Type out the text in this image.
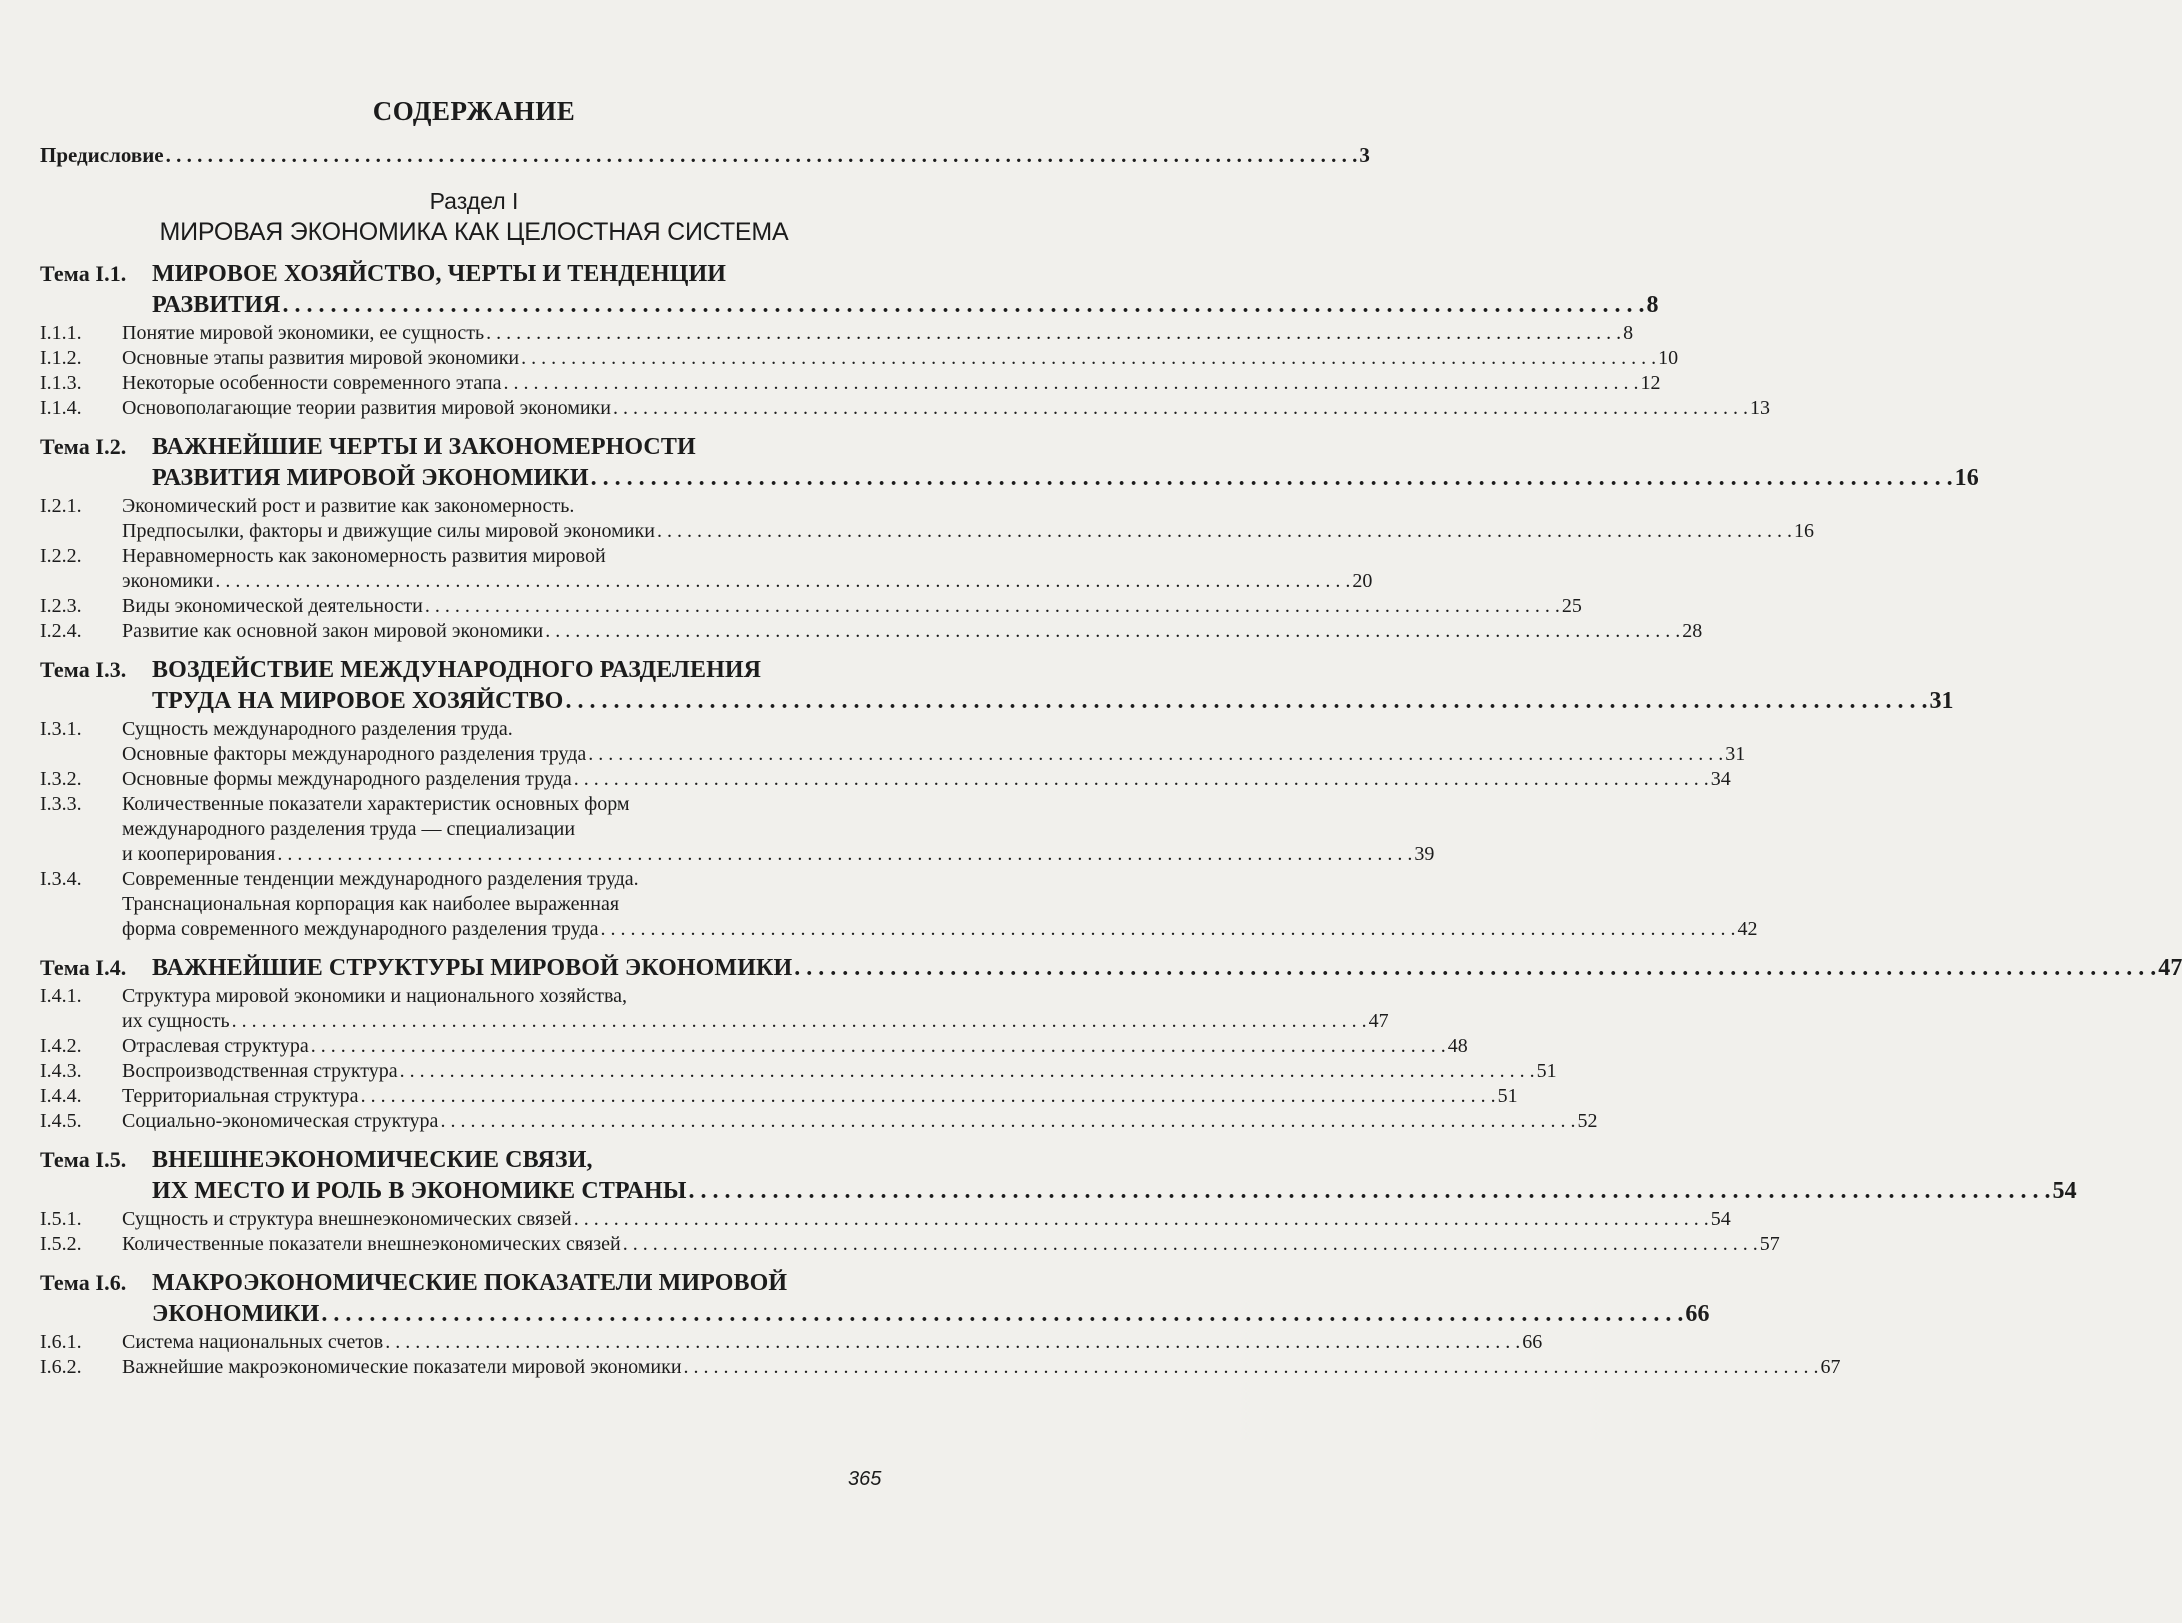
СОДЕРЖАНИЕ
Предисловие . . .	3
Раздел I
МИРОВАЯ ЭКОНОМИКА КАК ЦЕЛОСТНАЯ СИСТЕМА
Тема I.1.	МИРОВОЕ ХОЗЯЙСТВО, ЧЕРТЫ И ТЕНДЕНЦИИ
РАЗВИТИЯ . . .	8
I.1.1.	Понятие мировой экономики, ее сущность . . .	8
I.1.2.	Основные этапы развития мировой экономики . . .	10
I.1.3.	Некоторые особенности современного этапа . . .	12
I.1.4.	Основополагающие теории развития мировой экономики . . .	13
Тема I.2.	ВАЖНЕЙШИЕ ЧЕРТЫ И ЗАКОНОМЕРНОСТИ
РАЗВИТИЯ МИРОВОЙ ЭКОНОМИКИ . . .	16
I.2.1.	Экономический рост и развитие как закономерность.
Предпосылки, факторы и движущие силы мировой экономики . . .	16
I.2.2.	Неравномерность как закономерность развития мировой
экономики . . .	20
I.2.3.	Виды экономической деятельности . . .	25
I.2.4.	Развитие как основной закон мировой экономики . . .	28
Тема I.3.	ВОЗДЕЙСТВИЕ МЕЖДУНАРОДНОГО РАЗДЕЛЕНИЯ
ТРУДА НА МИРОВОЕ ХОЗЯЙСТВО . . .	31
I.3.1.	Сущность международного разделения труда.
Основные факторы международного разделения труда . . .	31
I.3.2.	Основные формы международного разделения труда . . .	34
I.3.3.	Количественные показатели характеристик основных форм
международного разделения труда — специализации
и кооперирования . . .	39
I.3.4.	Современные тенденции международного разделения труда.
Транснациональная корпорация как наиболее выраженная
форма современного международного разделения труда . . .	42
Тема I.4.	ВАЖНЕЙШИЕ СТРУКТУРЫ МИРОВОЙ ЭКОНОМИКИ . . .	47
I.4.1.	Структура мировой экономики и национального хозяйства,
их сущность . . .	47
I.4.2.	Отраслевая структура . . .	48
I.4.3.	Воспроизводственная структура . . .	51
I.4.4.	Территориальная структура . . .	51
I.4.5.	Социально-экономическая структура . . .	52
Тема I.5.	ВНЕШНЕЭКОНОМИЧЕСКИЕ СВЯЗИ,
ИХ МЕСТО И РОЛЬ В ЭКОНОМИКЕ СТРАНЫ . . .	54
I.5.1.	Сущность и структура внешнеэкономических связей . . .	54
I.5.2.	Количественные показатели внешнеэкономических связей . . .	57
Тема I.6.	МАКРОЭКОНОМИЧЕСКИЕ ПОКАЗАТЕЛИ МИРОВОЙ
ЭКОНОМИКИ . . .	66
I.6.1.	Система национальных счетов . . .	66
I.6.2.	Важнейшие макроэкономические показатели мировой экономики . . .	67
365
